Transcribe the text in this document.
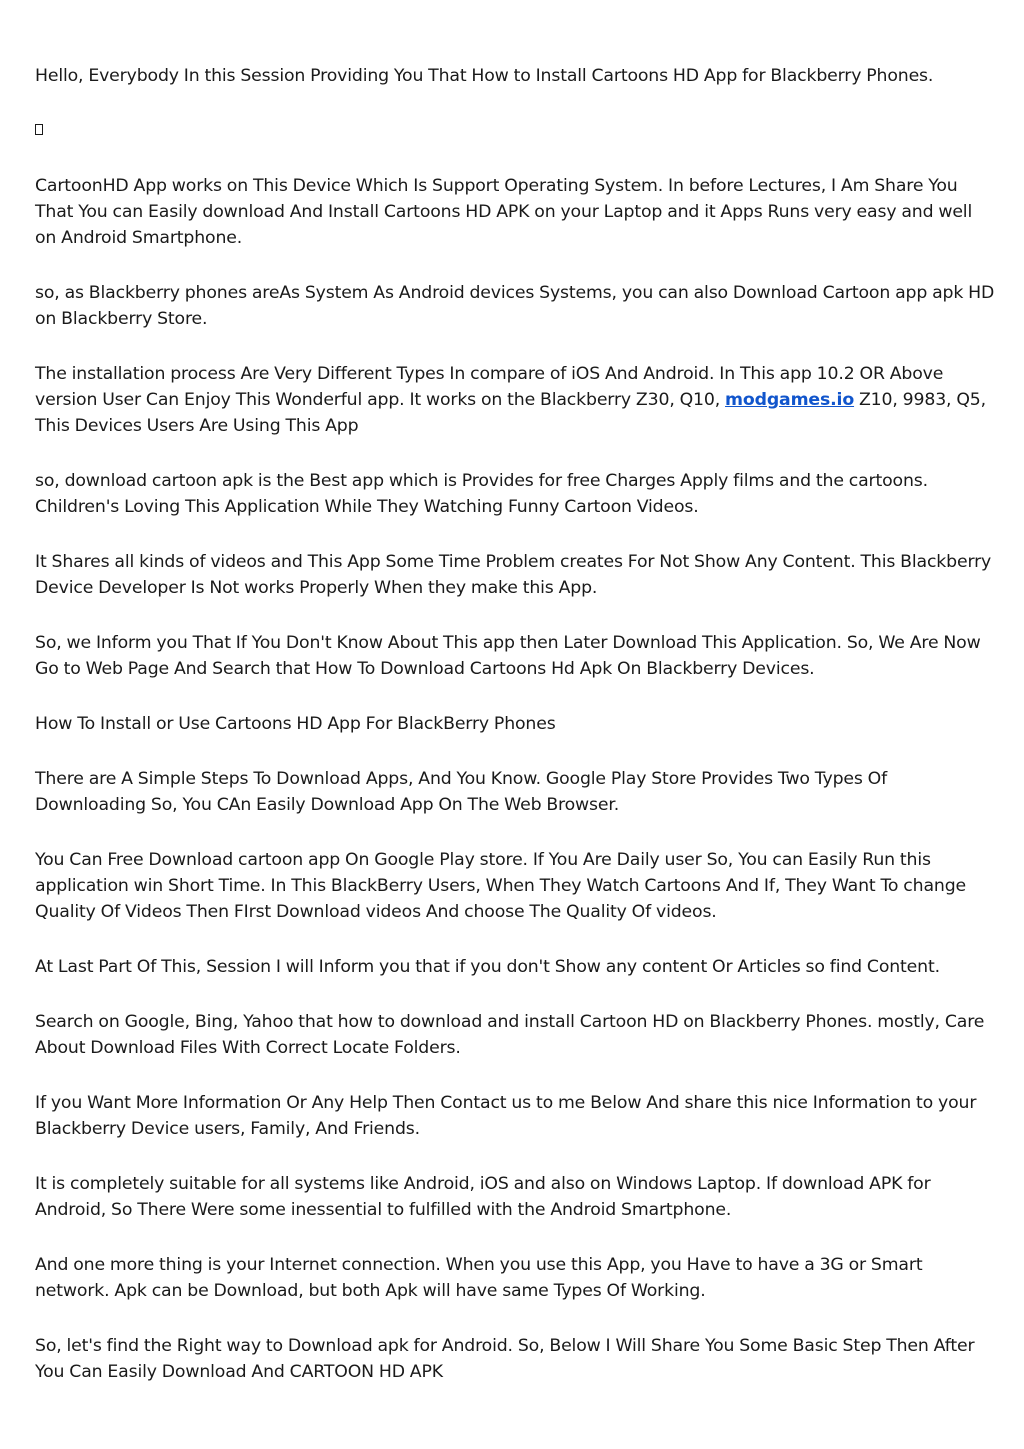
Hello, Everybody In this Session Providing You That How to Install Cartoons HD App for Blackberry Phones.

CartoonHD App works on This Device Which Is Support Operating System. In before Lectures, I Am Share You That You can Easily download And Install Cartoons HD APK on your Laptop and it Apps Runs very easy and well on Android Smartphone.

so, as Blackberry phones areAs System As Android devices Systems, you can also Download Cartoon app apk HD on Blackberry Store.

The installation process Are Very Different Types In compare of iOS And Android. In This app 10.2 OR Above version User Can Enjoy This Wonderful app. It works on the Blackberry Z30, Q10, modgames.io Z10, 9983, Q5, This Devices Users Are Using This App

so, download cartoon apk is the Best app which is Provides for free Charges Apply films and the cartoons. Children's Loving This Application While They Watching Funny Cartoon Videos.

It Shares all kinds of videos and This App Some Time Problem creates For Not Show Any Content. This Blackberry Device Developer Is Not works Properly When they make this App.

So, we Inform you That If You Don't Know About This app then Later Download This Application. So, We Are Now Go to Web Page And Search that How To Download Cartoons Hd Apk On Blackberry Devices.

How To Install or Use Cartoons HD App For BlackBerry Phones

There are A Simple Steps To Download Apps, And You Know. Google Play Store Provides Two Types Of Downloading So, You CAn Easily Download App On The Web Browser.

You Can Free Download cartoon app On Google Play store. If You Are Daily user So, You can Easily Run this application win Short Time. In This BlackBerry Users, When They Watch Cartoons And If, They Want To change Quality Of Videos Then FIrst Download videos And choose The Quality Of videos.

At Last Part Of This, Session I will Inform you that if you don't Show any content Or Articles so find Content.

Search on Google, Bing, Yahoo that how to download and install Cartoon HD on Blackberry Phones. mostly, Care About Download Files With Correct Locate Folders.

If you Want More Information Or Any Help Then Contact us to me Below And share this nice Information to your Blackberry Device users, Family, And Friends.

It is completely suitable for all systems like Android, iOS and also on Windows Laptop. If download APK for Android, So There Were some inessential to fulfilled with the Android Smartphone.

And one more thing is your Internet connection. When you use this App, you Have to have a 3G or Smart network. Apk can be Download, but both Apk will have same Types Of Working.

So, let's find the Right way to Download apk for Android. So, Below I Will Share You Some Basic Step Then After You Can Easily Download And CARTOON HD APK
